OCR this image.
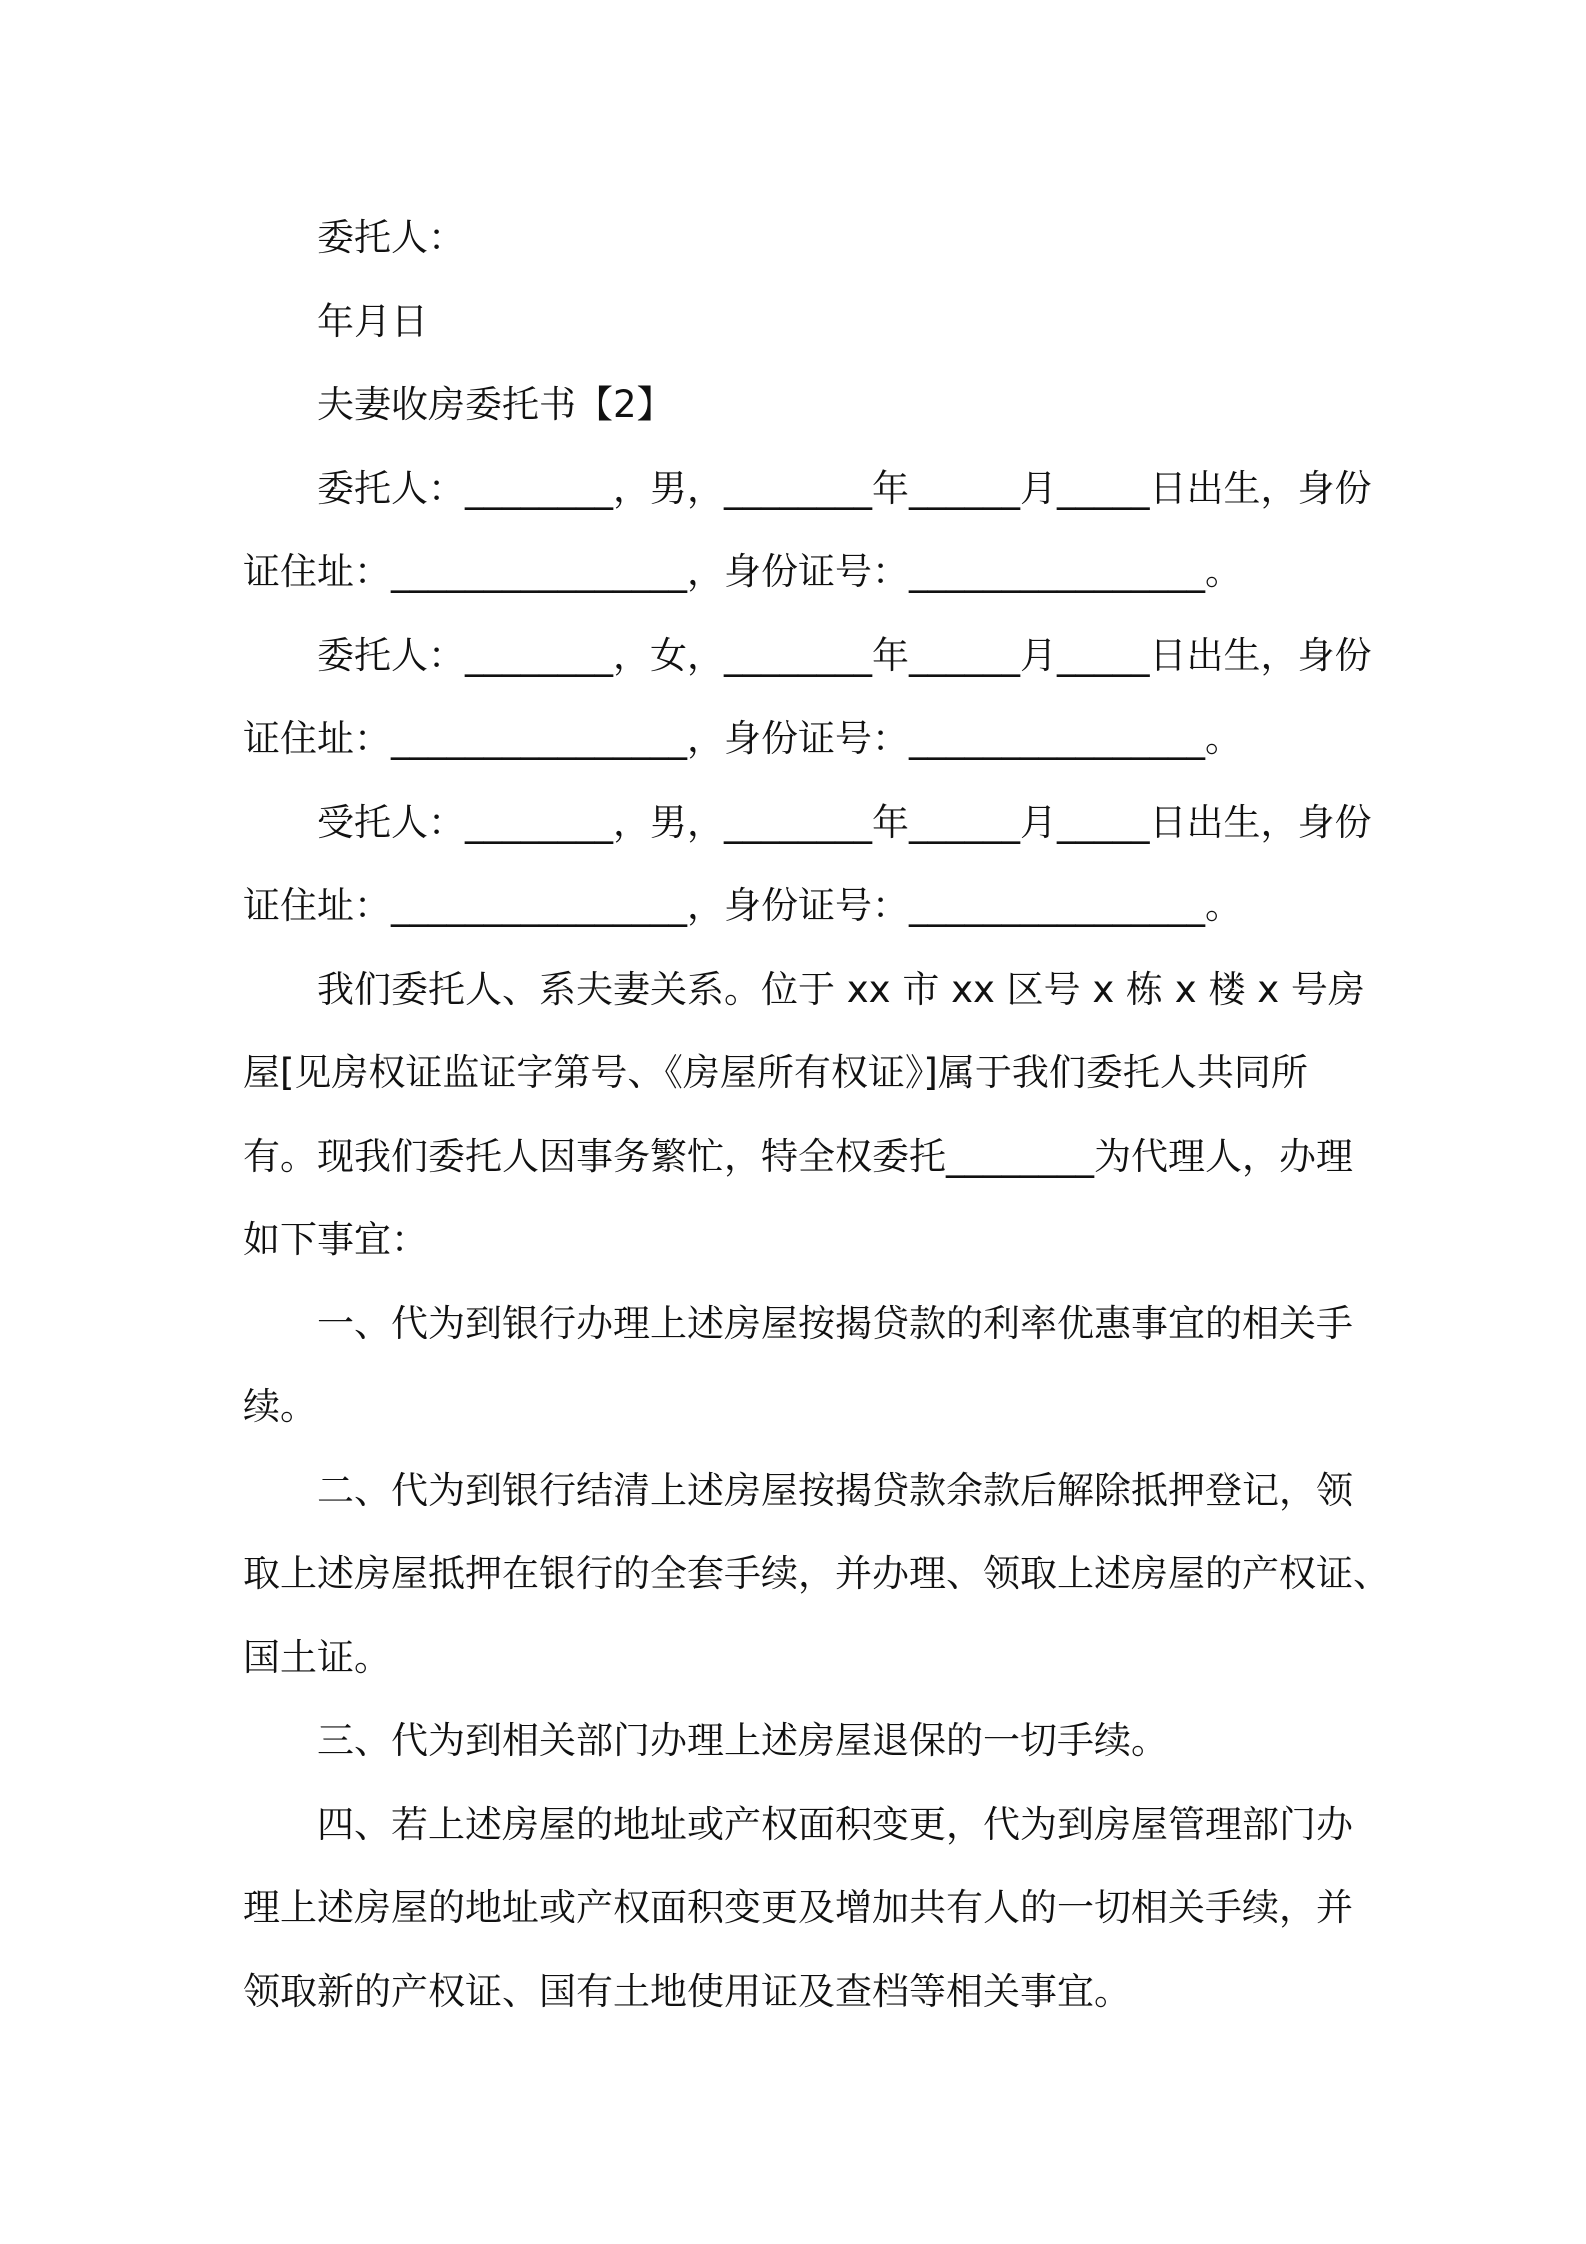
委托人：
年月日
夫妻收房委托书【2】
委托人：________，男，________年______月_____日出生，身份
证住址：________________，身份证号：________________。
委托人：________，女，________年______月_____日出生，身份
证住址：________________，身份证号：________________。
受托人：________，男，________年______月_____日出生，身份
证住址：________________，身份证号：________________。
我们委托人、系夫妻关系。位于 xx 市 xx 区号 x 栋 x 楼 x 号房
屋[见房权证监证字第号、《房屋所有权证》]属于我们委托人共同所
有。现我们委托人因事务繁忙，特全权委托________为代理人，办理
如下事宜：
一、代为到银行办理上述房屋按揭贷款的利率优惠事宜的相关手
续。
二、代为到银行结清上述房屋按揭贷款余款后解除抵押登记，领
取上述房屋抵押在银行的全套手续，并办理、领取上述房屋的产权证、
国土证。
三、代为到相关部门办理上述房屋退保的一切手续。
四、若上述房屋的地址或产权面积变更，代为到房屋管理部门办
理上述房屋的地址或产权面积变更及增加共有人的一切相关手续，并
领取新的产权证、国有土地使用证及查档等相关事宜。
